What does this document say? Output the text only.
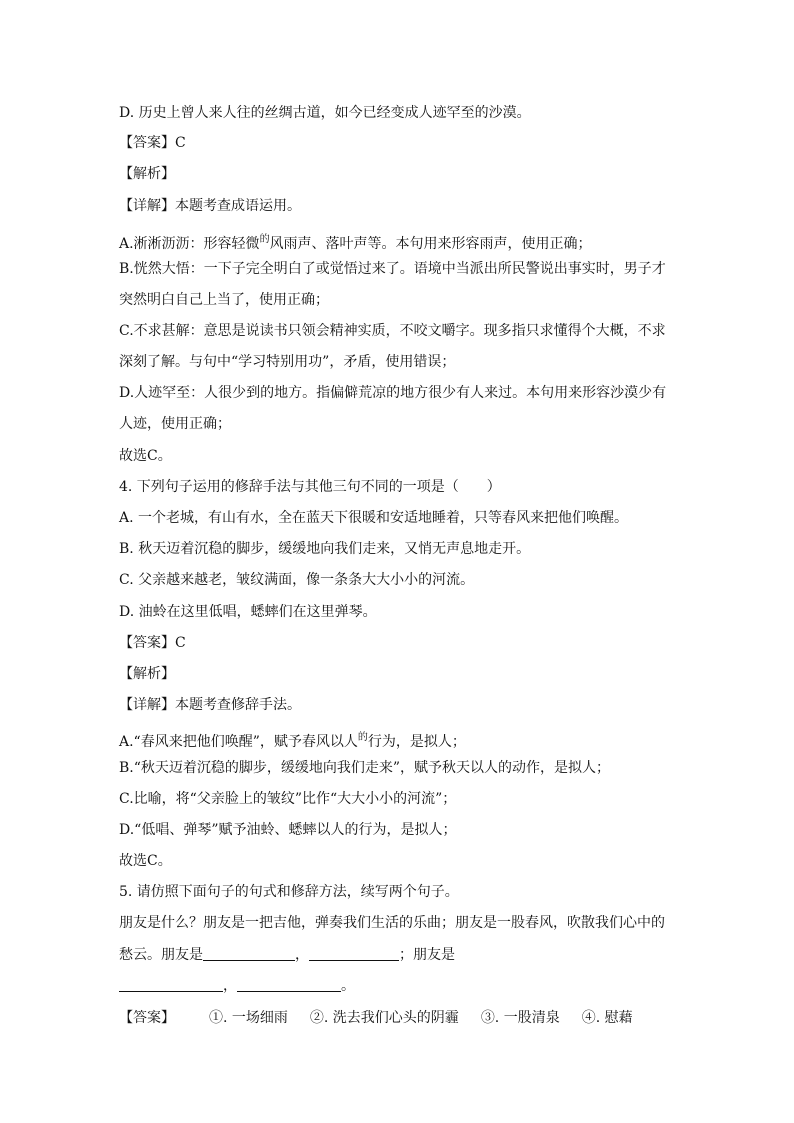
D. 历史上曾人来人往的丝绸古道，如今已经变成人迹罕至的沙漠。
【答案】C
【解析】
【详解】本题考查成语运用。
A.淅淅沥沥：形容轻微$^的$风雨声、落叶声等。本句用来形容雨声，使用正确；
B.恍然大悟：一下子完全明白了或觉悟过来了。语境中当派出所民警说出事实时，男子才
突然明白自己上当了，使用正确；
C.不求甚解：意思是说读书只领会精神实质，不咬文嚼字。现多指只求懂得个大概，不求
深刻了解。与句中“学习特别用功”，矛盾，使用错误；
D.人迹罕至：人很少到的地方。指偏僻荒凉的地方很少有人来过。本句用来形容沙漠少有
人迹，使用正确；
故选C。
4. 下列句子运用的修辞手法与其他三句不同的一项是（　　）
A. 一个老城，有山有水，全在蓝天下很暖和安适地睡着，只等春风来把他们唤醒。
B. 秋天迈着沉稳的脚步，缓缓地向我们走来，又悄无声息地走开。
C. 父亲越来越老，皱纹满面，像一条条大大小小的河流。
D. 油蛉在这里低唱，蟋蟀们在这里弹琴。
【答案】C
【解析】
【详解】本题考查修辞手法。
A.“春风来把他们唤醒”，赋予春风以人$^的$行为，是拟人；
B.“秋天迈着沉稳的脚步，缓缓地向我们走来”，赋予秋天以人的动作，是拟人；
C.比喻，将“父亲脸上的皱纹”比作“大大小小的河流”；
D.“低唱、弹琴”赋予油蛉、蟋蟀以人的行为，是拟人；
故选C。
5. 请仿照下面句子的句式和修辞方法，续写两个句子。
朋友是什么？朋友是一把吉他，弹奏我们生活的乐曲；朋友是一股春风，吹散我们心中的
愁云。朋友是	，	；朋友是
，	。
【答案】 ①. 一场细雨 ②. 洗去我们心头的阴霾 ③. 一股清泉 ④. 慰藉
